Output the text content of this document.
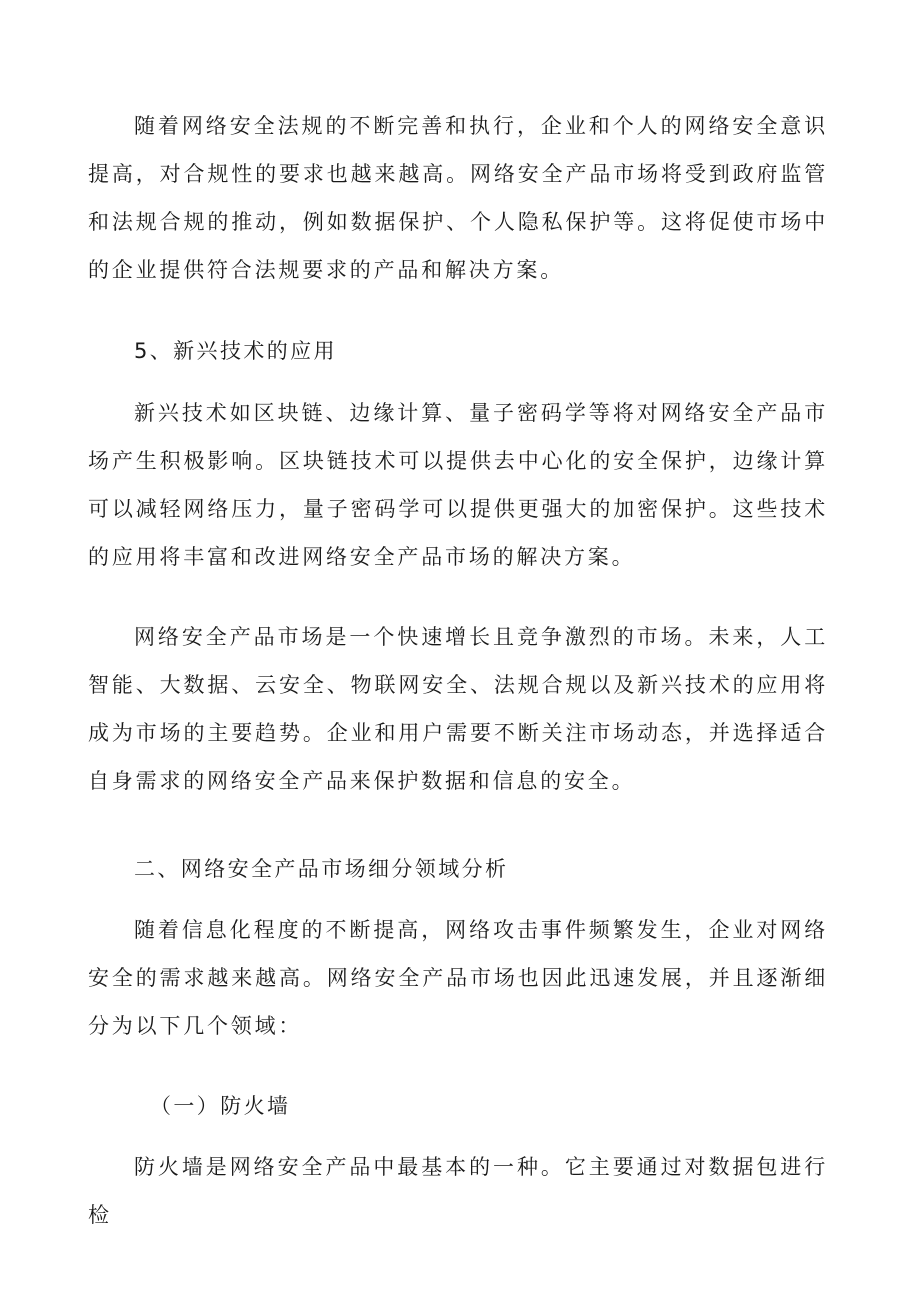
随着网络安全法规的不断完善和执行，企业和个人的网络安全意识提高，对合规性的要求也越来越高。网络安全产品市场将受到政府监管和法规合规的推动，例如数据保护、个人隐私保护等。这将促使市场中的企业提供符合法规要求的产品和解决方案。

5、新兴技术的应用

新兴技术如区块链、边缘计算、量子密码学等将对网络安全产品市场产生积极影响。区块链技术可以提供去中心化的安全保护，边缘计算可以减轻网络压力，量子密码学可以提供更强大的加密保护。这些技术的应用将丰富和改进网络安全产品市场的解决方案。

网络安全产品市场是一个快速增长且竞争激烈的市场。未来，人工智能、大数据、云安全、物联网安全、法规合规以及新兴技术的应用将成为市场的主要趋势。企业和用户需要不断关注市场动态，并选择适合自身需求的网络安全产品来保护数据和信息的安全。

二、网络安全产品市场细分领域分析

随着信息化程度的不断提高，网络攻击事件频繁发生，企业对网络安全的需求越来越高。网络安全产品市场也因此迅速发展，并且逐渐细分为以下几个领域：

（一）防火墙

防火墙是网络安全产品中最基本的一种。它主要通过对数据包进行检
